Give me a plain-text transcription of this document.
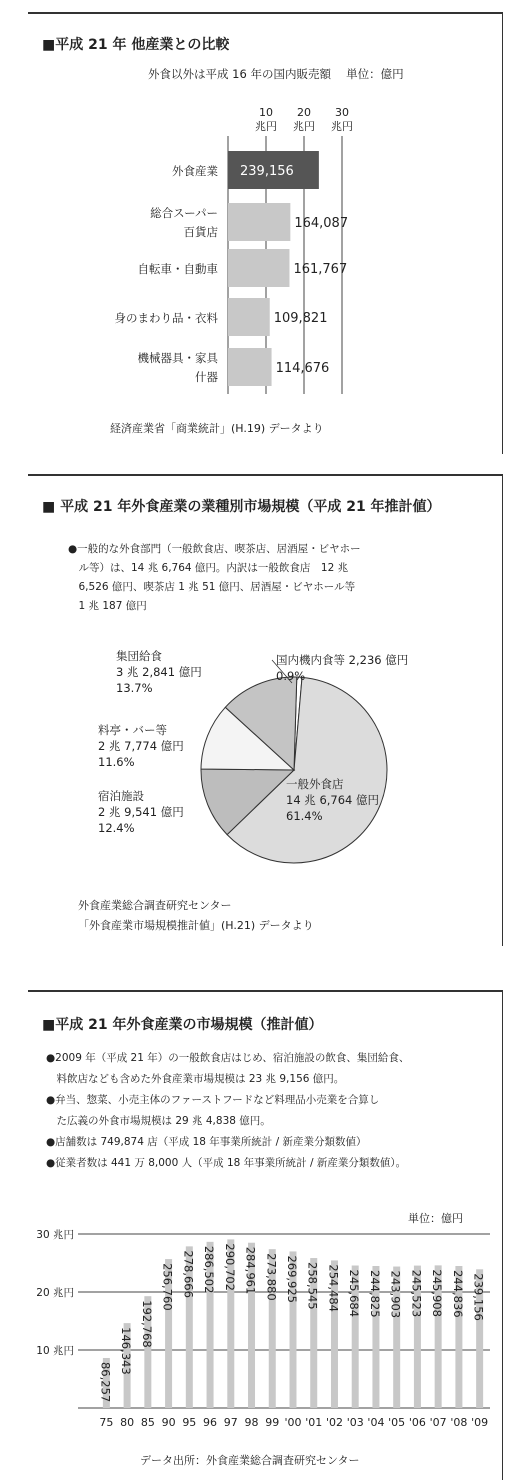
■平成 21 年 他産業との比較
外食以外は平成 16 年の国内販売額　 単位：億円
10
兆円
20
兆円
30
兆円
239,156
外食産業
164,087
総合スーパー
百貨店
161,767
自転車・自動車
109,821
身のまわり品・衣料
114,676
機械器具・家具
什器
経済産業省「商業統計」(H.19) データより
■ 平成 21 年外食産業の業種別市場規模（平成 21 年推計値）
●一般的な外食部門（一般飲食店、喫茶店、居酒屋・ビヤホー
　ル等）は、14 兆 6,764 億円。内訳は一般飲食店　12 兆
　6,526 億円、喫茶店 1 兆 51 億円、居酒屋・ビヤホール等
　1 兆 187 億円
一般外食店
14 兆 6,764 億円
61.4%
宿泊施設
2 兆 9,541 億円
12.4%
料亭・バー等
2 兆 7,774 億円
11.6%
集団給食
3 兆 2,841 億円
13.7%
国内機内食等 2,236 億円
0.9%
外食産業総合調査研究センター
「外食産業市場規模推計値」(H.21) データより
■平成 21 年外食産業の市場規模（推計値）
●2009 年（平成 21 年）の一般飲食店はじめ、宿泊施設の飲食、集団給食、
　料飲店なども含めた外食産業市場規模は 23 兆 9,156 億円。
●弁当、惣菜、小売主体のファーストフードなど料理品小売業を合算し
　た広義の外食市場規模は 29 兆 4,838 億円。
●店舗数は 749,874 店（平成 18 年事業所統計 / 新産業分類数値）
●従業者数は 441 万 8,000 人（平成 18 年事業所統計 / 新産業分類数値）。
単位：億円
10 兆円
20 兆円
30 兆円
75
86,257
80
146,343
85
192,768
90
256,760
95
278,666
96
286,502
97
290,702
98
284,961
99
273,880
'00
269,925
'01
258,545
'02
254,484
'03
245,684
'04
244,825
'05
243,903
'06
245,523
'07
245,908
'08
244,836
'09
239,156
データ出所：外食産業総合調査研究センター
